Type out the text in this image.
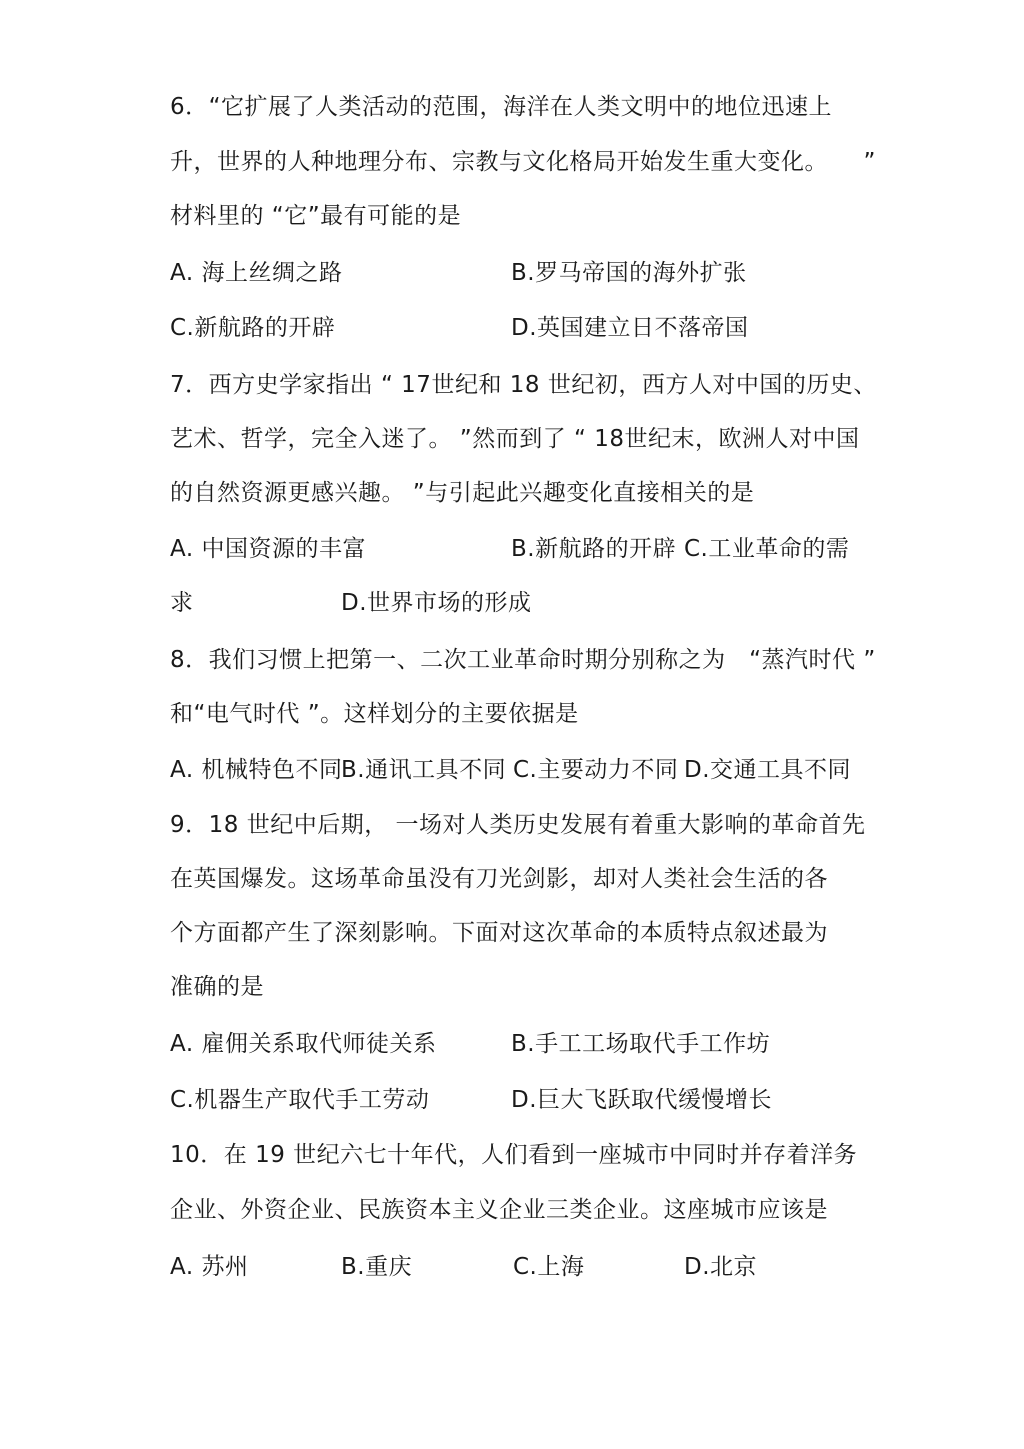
6．“它扩展了人类活动的范围，海洋在人类文明中的地位迅速上
升，世界的人种地理分布、宗教与文化格局开始发生重大变化。　　”
材料里的 “它”最有可能的是
A. 海上丝绸之路	B.罗马帝国的海外扩张
C.新航路的开辟	D.英国建立日不落帝国
7．西方史学家指出 “ 17世纪和 18 世纪初，西方人对中国的历史、
艺术、哲学，完全入迷了。 ”然而到了 “ 18世纪末，欧洲人对中国
的自然资源更感兴趣。 ”与引起此兴趣变化直接相关的是
A. 中国资源的丰富	B.新航路的开辟 C.工业革命的需
求	D.世界市场的形成
8．我们习惯上把第一、二次工业革命时期分别称之为　“蒸汽时代 ”
和“电气时代 ”。这样划分的主要依据是
A. 机械特色不同
B.通讯工具不同 C.主要动力不同 D.交通工具不同
9．18 世纪中后期， 一场对人类历史发展有着重大影响的革命首先
在英国爆发。这场革命虽没有刀光剑影，却对人类社会生活的各
个方面都产生了深刻影响。下面对这次革命的本质特点叙述最为
准确的是
A. 雇佣关系取代师徒关系	B.手工工场取代手工作坊
C.机器生产取代手工劳动	D.巨大飞跃取代缓慢增长
10．在 19 世纪六七十年代，人们看到一座城市中同时并存着洋务
企业、外资企业、民族资本主义企业三类企业。这座城市应该是
A. 苏州	B.重庆	C.上海	D.北京
